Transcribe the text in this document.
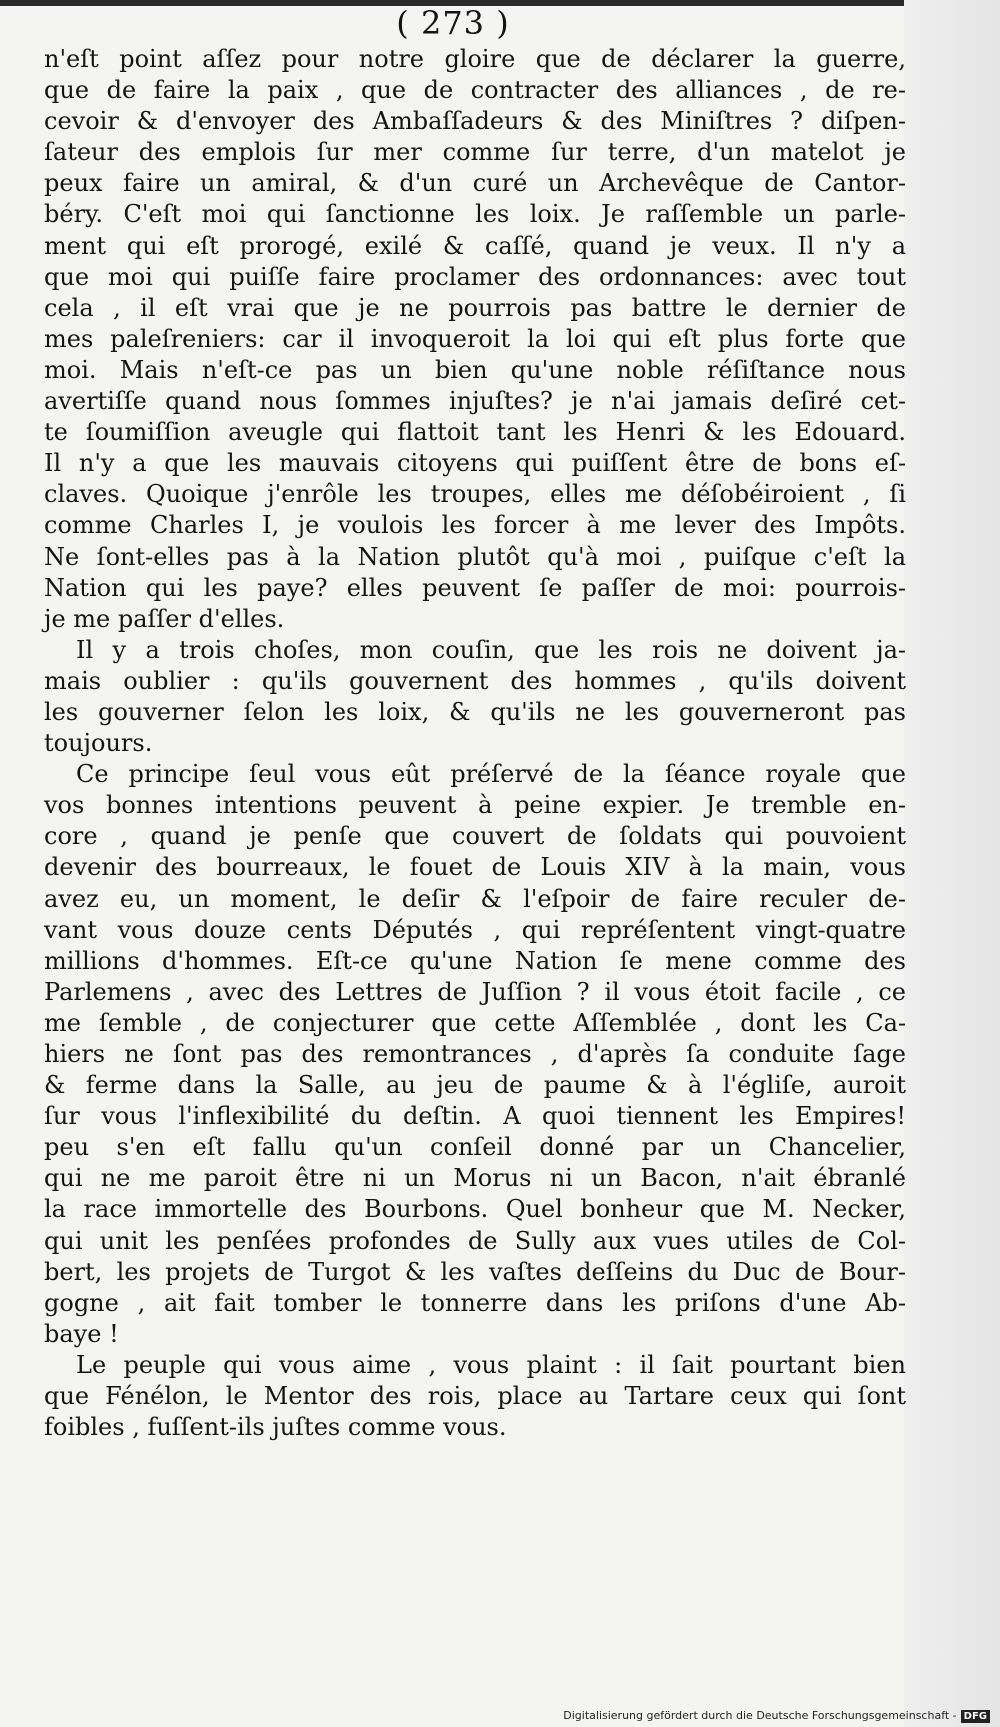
( 273 )
n'eſt point aſſez pour notre gloire que de déclarer la guerre,
que de faire la paix , que de contracter des alliances , de re-
cevoir & d'envoyer des Ambaſſadeurs & des Miniſtres ? diſpen-
ſateur des emplois ſur mer comme ſur terre, d'un matelot je
peux faire un amiral, & d'un curé un Archevêque de Cantor-
béry. C'eſt moi qui ſanctionne les loix. Je raſſemble un parle-
ment qui eſt prorogé, exilé & caſſé, quand je veux. Il n'y a
que moi qui puiſſe faire proclamer des ordonnances: avec tout
cela , il eſt vrai que je ne pourrois pas battre le dernier de
mes paleſreniers: car il invoqueroit la loi qui eſt plus forte que
moi. Mais n'eſt-ce pas un bien qu'une noble réſiſtance nous
avertiſſe quand nous ſommes injuſtes? je n'ai jamais deſiré cet-
te ſoumiſſion aveugle qui flattoit tant les Henri & les Edouard.
Il n'y a que les mauvais citoyens qui puiſſent être de bons eſ-
claves. Quoique j'enrôle les troupes, elles me déſobéiroient , ſi
comme Charles I, je voulois les forcer à me lever des Impôts.
Ne ſont-elles pas à la Nation plutôt qu'à moi , puiſque c'eſt la
Nation qui les paye? elles peuvent ſe paſſer de moi: pourrois-
je me paſſer d'elles.
Il y a trois choſes, mon couſin, que les rois ne doivent ja-
mais oublier : qu'ils gouvernent des hommes , qu'ils doivent
les gouverner ſelon les loix, & qu'ils ne les gouverneront pas
toujours.
Ce principe ſeul vous eût préſervé de la ſéance royale que
vos bonnes intentions peuvent à peine expier. Je tremble en-
core , quand je penſe que couvert de ſoldats qui pouvoient
devenir des bourreaux, le fouet de Louis XIV à la main, vous
avez eu, un moment, le deſir & l'eſpoir de faire reculer de-
vant vous douze cents Députés , qui repréſentent vingt-quatre
millions d'hommes. Eſt-ce qu'une Nation ſe mene comme des
Parlemens , avec des Lettres de Juſſion ? il vous étoit facile , ce
me ſemble , de conjecturer que cette Aſſemblée , dont les Ca-
hiers ne ſont pas des remontrances , d'après ſa conduite ſage
& ferme dans la Salle, au jeu de paume & à l'égliſe, auroit
ſur vous l'inflexibilité du deſtin. A quoi tiennent les Empires!
peu s'en eſt fallu qu'un conſeil donné par un Chancelier,
qui ne me paroit être ni un Morus ni un Bacon, n'ait ébranlé
la race immortelle des Bourbons. Quel bonheur que M. Necker,
qui unit les penſées profondes de Sully aux vues utiles de Col-
bert, les projets de Turgot & les vaſtes deſſeins du Duc de Bour-
gogne , ait fait tomber le tonnerre dans les priſons d'une Ab-
baye !
Le peuple qui vous aime , vous plaint : il ſait pourtant bien
que Fénélon, le Mentor des rois, place au Tartare ceux qui ſont
foibles , fuſſent-ils juſtes comme vous.
Digitalisierung gefördert durch die Deutsche Forschungsgemeinschaft - DFG
